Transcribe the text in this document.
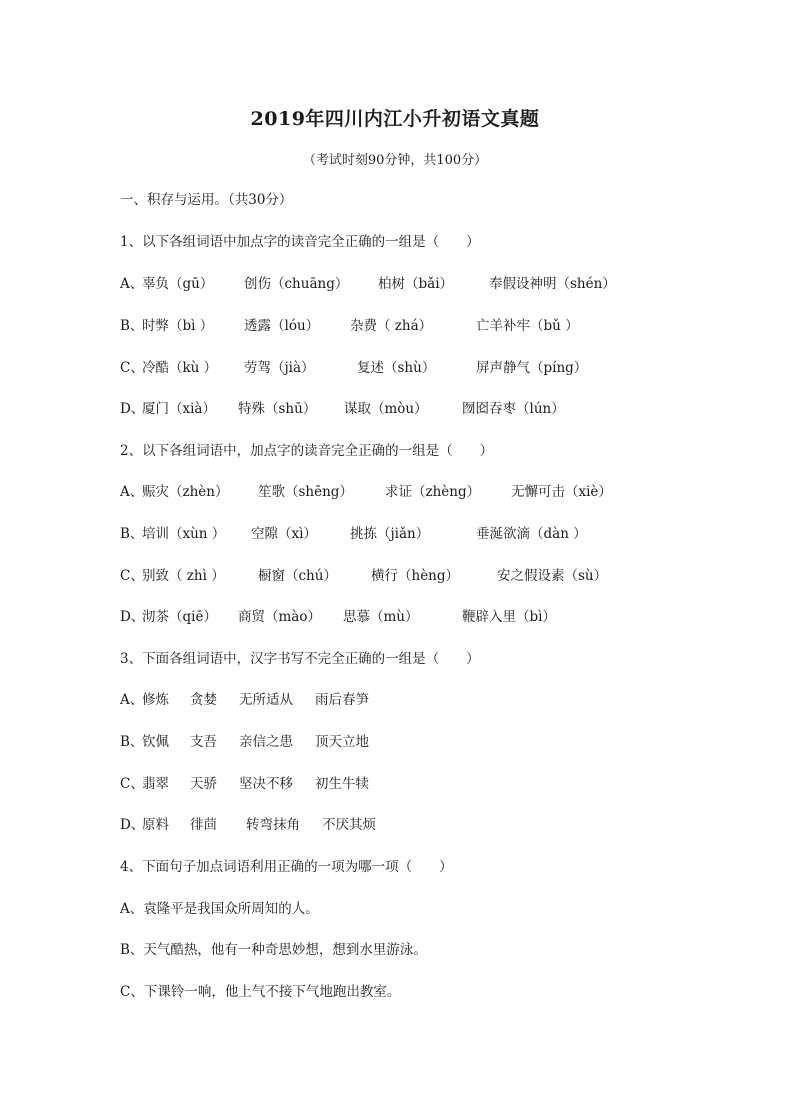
2019年四川内江小升初语文真题
（考试时刻90分钟，共100分）
一、积存与运用。（共30分）
1、以下各组词语中加点字的读音完全正确的一组是（　　）
A、
辜负（gū） 创伤（chuāng） 柏树（bǎi）	奉假设神明（shén）
B、
时弊（bì ） 透露（lóu） 杂费（ zhá）	亡羊补牢（bǔ ）
C、
冷酷（kù ） 劳驾（jià）	复述（shù）	屏声静气（píng）
D、
厦门（xià） 特殊（shū） 谋取（mòu）	囫囵吞枣（lún）
2、以下各组词语中，加点字的读音完全正确的一组是（　　）
A、
赈灾（zhèn） 笙歌（shēng） 求证（zhèng） 无懈可击（xiè）
B、
培训（xùn ） 空隙（xì） 挑拣（jiǎn）	垂涎欲滴（dàn ）
C、
别致（ zhì ） 橱窗（chú）	横行（hèng）	安之假设素（sù）
D、
沏茶（qiē） 商贸（mào） 思慕（mù）	鞭辟入里（bì）
3、下面各组词语中，汉字书写不完全正确的一组是（　　）
A、
修炼 贪婪 无所适从 雨后春笋
B、
钦佩 支吾 亲信之患 顶天立地
C、
翡翠 天骄 坚决不移 初生牛犊
D、
原料 徘茴 转弯抹角 不厌其烦
4、下面句子加点词语利用正确的一项为哪一项（　　）
A、袁隆平是我国众所周知的人。
B、天气酷热，他有一种奇思妙想，想到水里游泳。
C、下课铃一响，他上气不接下气地跑出教室。
